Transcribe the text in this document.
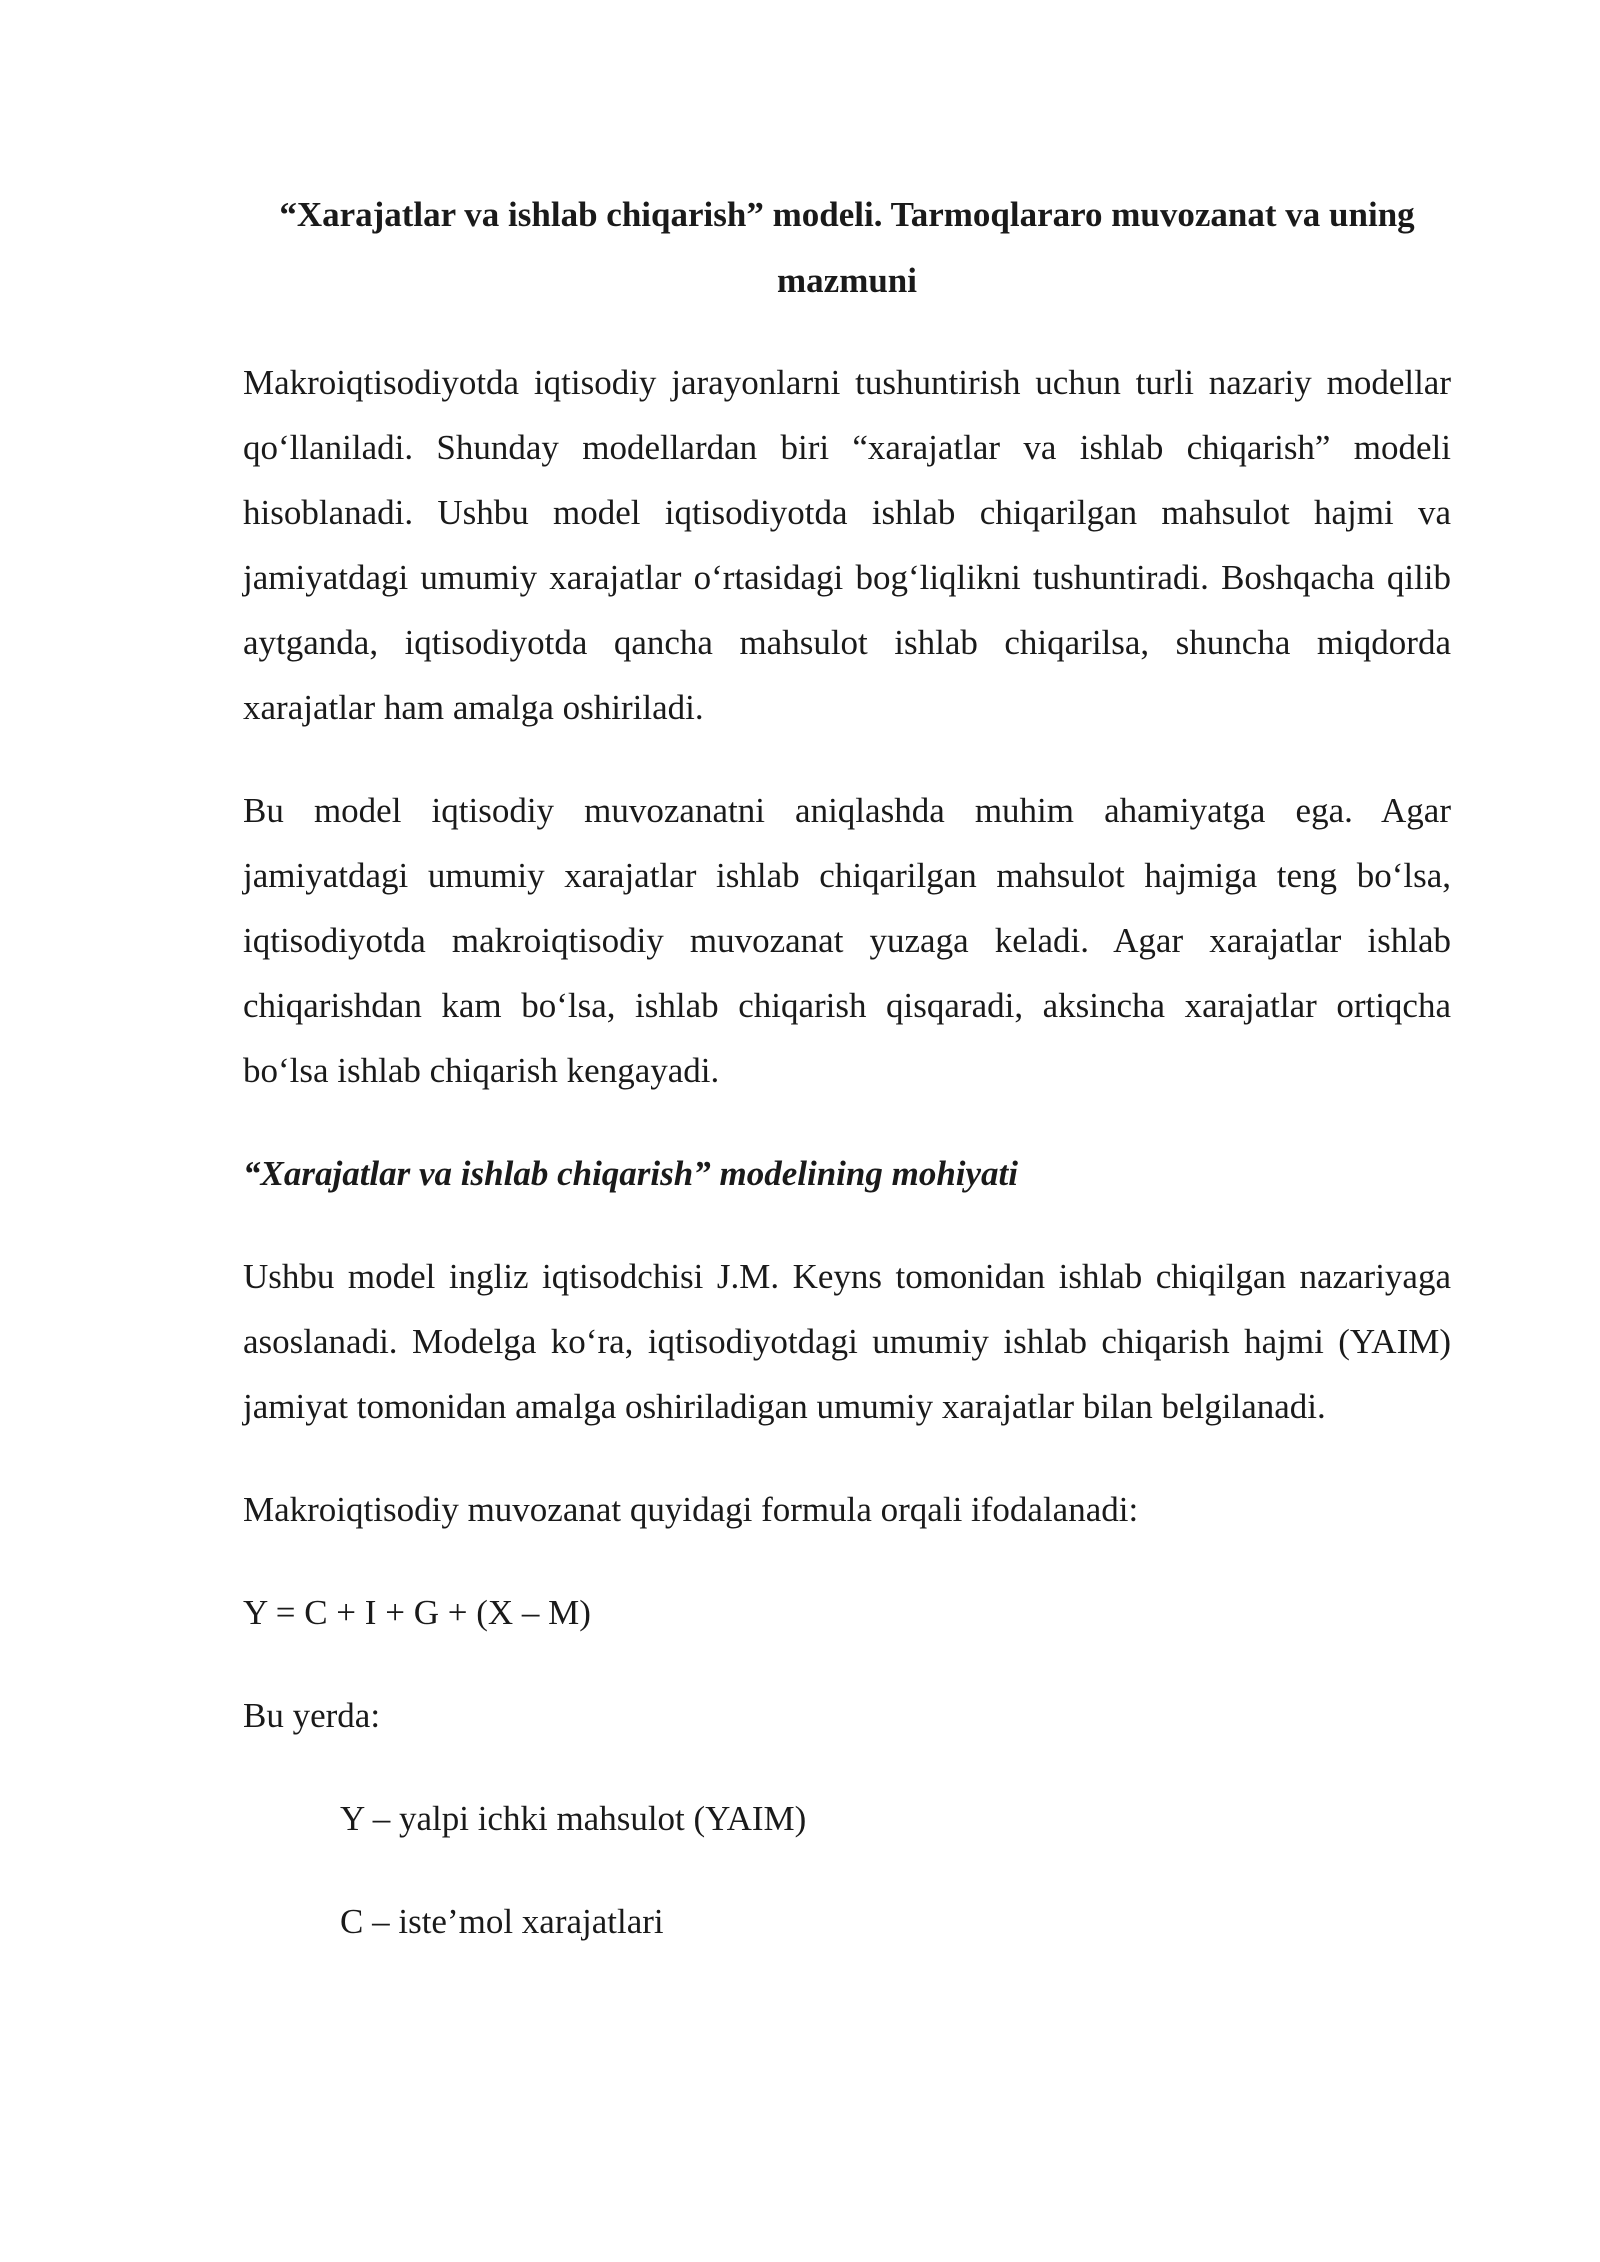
“Xarajatlar va ishlab chiqarish” modeli. Tarmoqlararo muvozanat va uning mazmuni

Makroiqtisodiyotda iqtisodiy jarayonlarni tushuntirish uchun turli nazariy modellar qo‘llaniladi. Shunday modellardan biri “xarajatlar va ishlab chiqarish” modeli hisoblanadi. Ushbu model iqtisodiyotda ishlab chiqarilgan mahsulot hajmi va jamiyatdagi umumiy xarajatlar o‘rtasidagi bog‘liqlikni tushuntiradi. Boshqacha qilib aytganda, iqtisodiyotda qancha mahsulot ishlab chiqarilsa, shuncha miqdorda xarajatlar ham amalga oshiriladi.

Bu model iqtisodiy muvozanatni aniqlashda muhim ahamiyatga ega. Agar jamiyatdagi umumiy xarajatlar ishlab chiqarilgan mahsulot hajmiga teng bo‘lsa, iqtisodiyotda makroiqtisodiy muvozanat yuzaga keladi. Agar xarajatlar ishlab chiqarishdan kam bo‘lsa, ishlab chiqarish qisqaradi, aksincha xarajatlar ortiqcha bo‘lsa ishlab chiqarish kengayadi.

“Xarajatlar va ishlab chiqarish” modelining mohiyati

Ushbu model ingliz iqtisodchisi J.M. Keyns tomonidan ishlab chiqilgan nazariyaga asoslanadi. Modelga ko‘ra, iqtisodiyotdagi umumiy ishlab chiqarish hajmi (YAIM) jamiyat tomonidan amalga oshiriladigan umumiy xarajatlar bilan belgilanadi.

Makroiqtisodiy muvozanat quyidagi formula orqali ifodalanadi:

Y = C + I + G + (X – M)

Bu yerda:

Y – yalpi ichki mahsulot (YAIM)

C – iste’mol xarajatlari
